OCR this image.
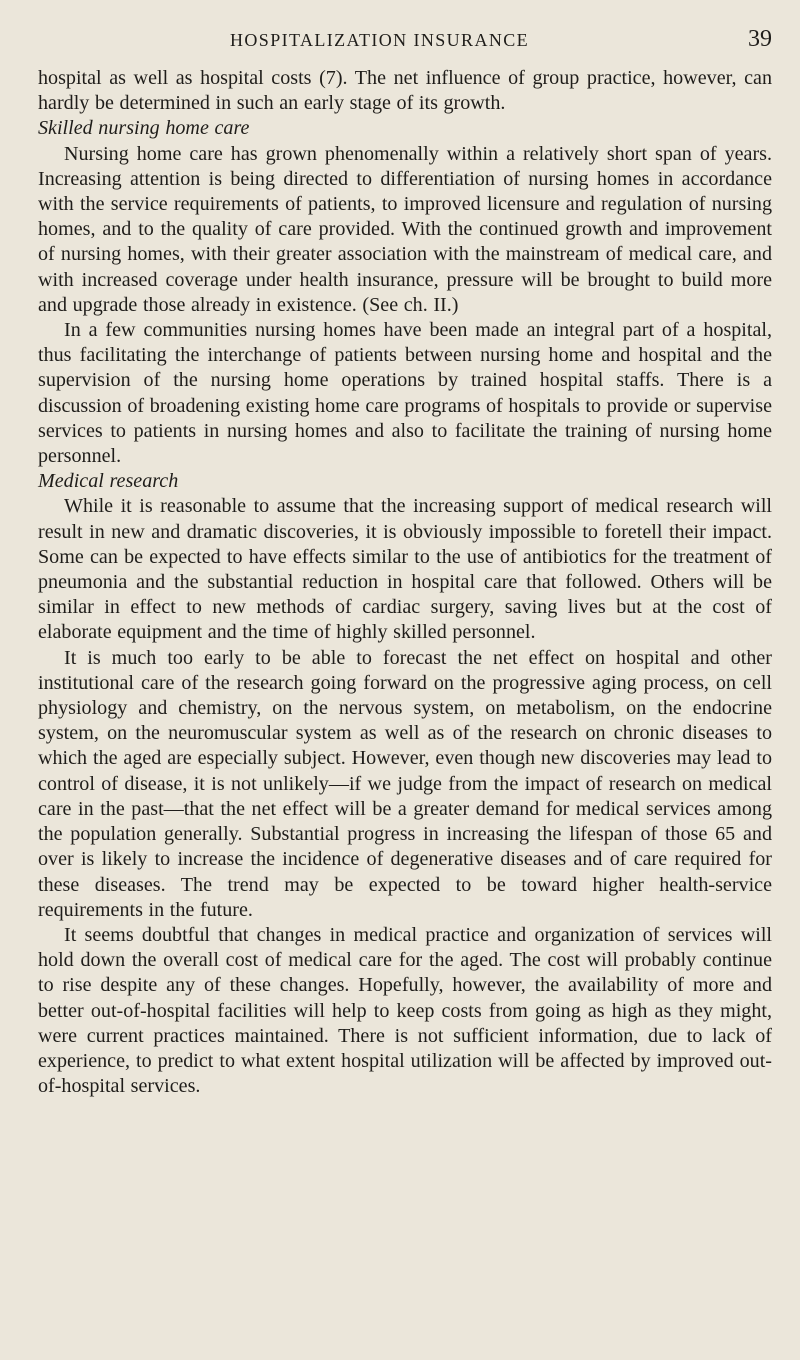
HOSPITALIZATION INSURANCE	39

hospital as well as hospital costs (7). The net influence of group practice, however, can hardly be determined in such an early stage of its growth.

Skilled nursing home care

Nursing home care has grown phenomenally within a relatively short span of years. Increasing attention is being directed to differentiation of nursing homes in accordance with the service requirements of patients, to improved licensure and regulation of nursing homes, and to the quality of care provided. With the continued growth and improvement of nursing homes, with their greater association with the mainstream of medical care, and with increased coverage under health insurance, pressure will be brought to build more and upgrade those already in existence. (See ch. II.)

In a few communities nursing homes have been made an integral part of a hospital, thus facilitating the interchange of patients between nursing home and hospital and the supervision of the nursing home operations by trained hospital staffs. There is a discussion of broadening existing home care programs of hospitals to provide or supervise services to patients in nursing homes and also to facilitate the training of nursing home personnel.

Medical research

While it is reasonable to assume that the increasing support of medical research will result in new and dramatic discoveries, it is obviously impossible to foretell their impact. Some can be expected to have effects similar to the use of antibiotics for the treatment of pneumonia and the substantial reduction in hospital care that followed. Others will be similar in effect to new methods of cardiac surgery, saving lives but at the cost of elaborate equipment and the time of highly skilled personnel.

It is much too early to be able to forecast the net effect on hospital and other institutional care of the research going forward on the progressive aging process, on cell physiology and chemistry, on the nervous system, on metabolism, on the endocrine system, on the neuromuscular system as well as of the research on chronic diseases to which the aged are especially subject. However, even though new discoveries may lead to control of disease, it is not unlikely—if we judge from the impact of research on medical care in the past—that the net effect will be a greater demand for medical services among the population generally. Substantial progress in increasing the lifespan of those 65 and over is likely to increase the incidence of degenerative diseases and of care required for these diseases. The trend may be expected to be toward higher health-service requirements in the future.

It seems doubtful that changes in medical practice and organization of services will hold down the overall cost of medical care for the aged. The cost will probably continue to rise despite any of these changes. Hopefully, however, the availability of more and better out-of-hospital facilities will help to keep costs from going as high as they might, were current practices maintained. There is not sufficient information, due to lack of experience, to predict to what extent hospital utilization will be affected by improved out-of-hospital services.
